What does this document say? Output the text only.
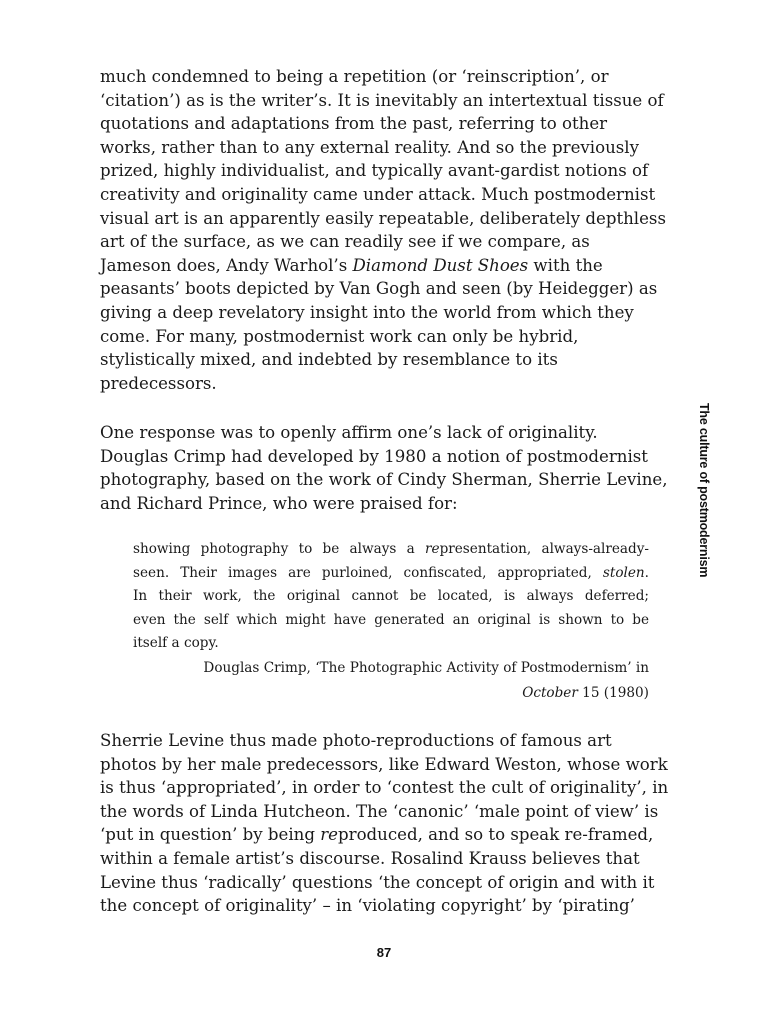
much condemned to being a repetition (or ‘reinscription’, or
‘citation’) as is the writer’s. It is inevitably an intertextual tissue of
quotations and adaptations from the past, referring to other
works, rather than to any external reality. And so the previously
prized, highly individualist, and typically avant-gardist notions of
creativity and originality came under attack. Much postmodernist
visual art is an apparently easily repeatable, deliberately depthless
art of the surface, as we can readily see if we compare, as
Jameson does, Andy Warhol’s Diamond Dust Shoes with the
peasants’ boots depicted by Van Gogh and seen (by Heidegger) as
giving a deep revelatory insight into the world from which they
come. For many, postmodernist work can only be hybrid,
stylistically mixed, and indebted by resemblance to its
predecessors.
One response was to openly affirm one’s lack of originality.
Douglas Crimp had developed by 1980 a notion of postmodernist
photography, based on the work of Cindy Sherman, Sherrie Levine,
and Richard Prince, who were praised for:
showing photography to be always a representation, always-already-
seen. Their images are purloined, confiscated, appropriated, stolen.
In their work, the original cannot be located, is always deferred;
even the self which might have generated an original is shown to be
itself a copy.
Douglas Crimp, ‘The Photographic Activity of Postmodernism’ in
October 15 (1980)
Sherrie Levine thus made photo-reproductions of famous art
photos by her male predecessors, like Edward Weston, whose work
is thus ‘appropriated’, in order to ‘contest the cult of originality’, in
the words of Linda Hutcheon. The ‘canonic’ ‘male point of view’ is
‘put in question’ by being reproduced, and so to speak re-framed,
within a female artist’s discourse. Rosalind Krauss believes that
Levine thus ‘radically’ questions ‘the concept of origin and with it
the concept of originality’ – in ‘violating copyright’ by ‘pirating’
The culture of postmodernism
87
